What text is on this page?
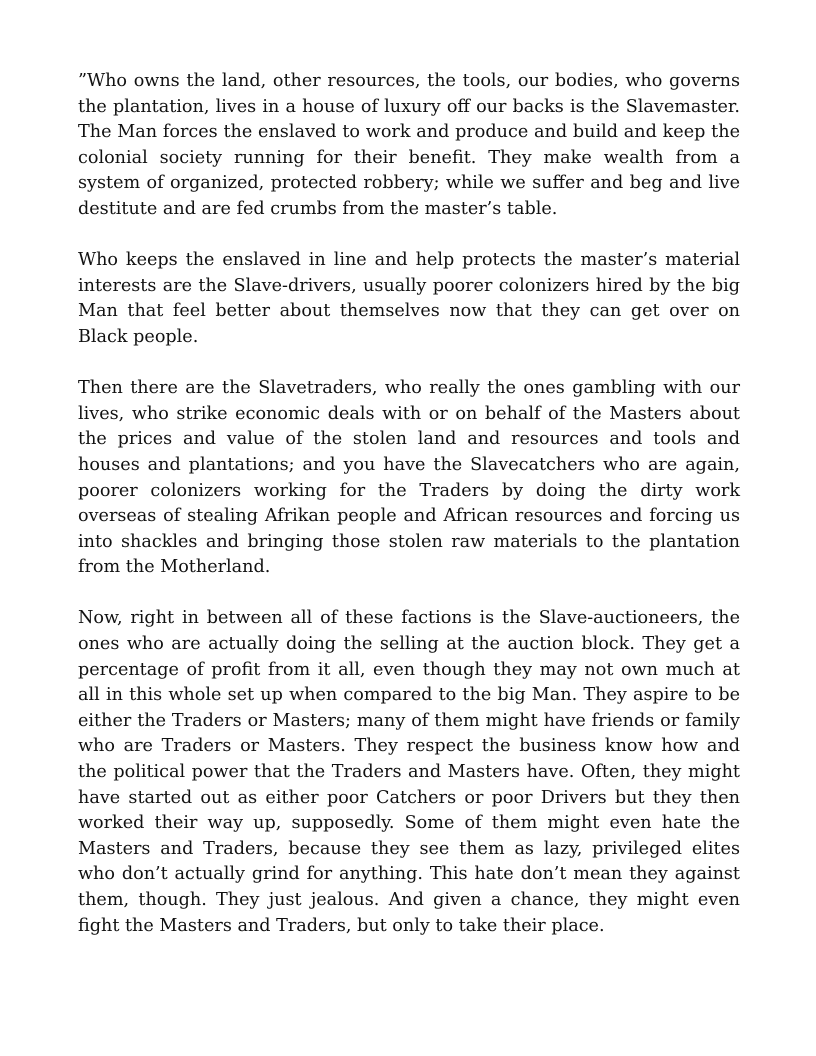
”Who owns the land, other resources, the tools, our bodies, who governs the plantation, lives in a house of luxury off our backs is the Slavemaster. The Man forces the enslaved to work and produce and build and keep the colonial society running for their benefit. They make wealth from a system of organized, protected robbery; while we suffer and beg and live destitute and are fed crumbs from the master’s table.

Who keeps the enslaved in line and help protects the master’s material interests are the Slave-drivers, usually poorer colonizers hired by the big Man that feel better about themselves now that they can get over on Black people.

Then there are the Slavetraders, who really the ones gambling with our lives, who strike economic deals with or on behalf of the Masters about the prices and value of the stolen land and resources and tools and houses and plantations; and you have the Slavecatchers who are again, poorer colonizers working for the Traders by doing the dirty work overseas of stealing Afrikan people and African resources and forcing us into shackles and bringing those stolen raw materials to the plantation from the Motherland.

Now, right in between all of these factions is the Slave-auctioneers, the ones who are actually doing the selling at the auction block. They get a percentage of profit from it all, even though they may not own much at all in this whole set up when compared to the big Man. They aspire to be either the Traders or Masters; many of them might have friends or family who are Traders or Masters. They respect the business know how and the political power that the Traders and Masters have. Often, they might have started out as either poor Catchers or poor Drivers but they then worked their way up, supposedly. Some of them might even hate the Masters and Traders, because they see them as lazy, privileged elites who don’t actually grind for anything. This hate don’t mean they against them, though. They just jealous. And given a chance, they might even fight the Masters and Traders, but only to take their place.
